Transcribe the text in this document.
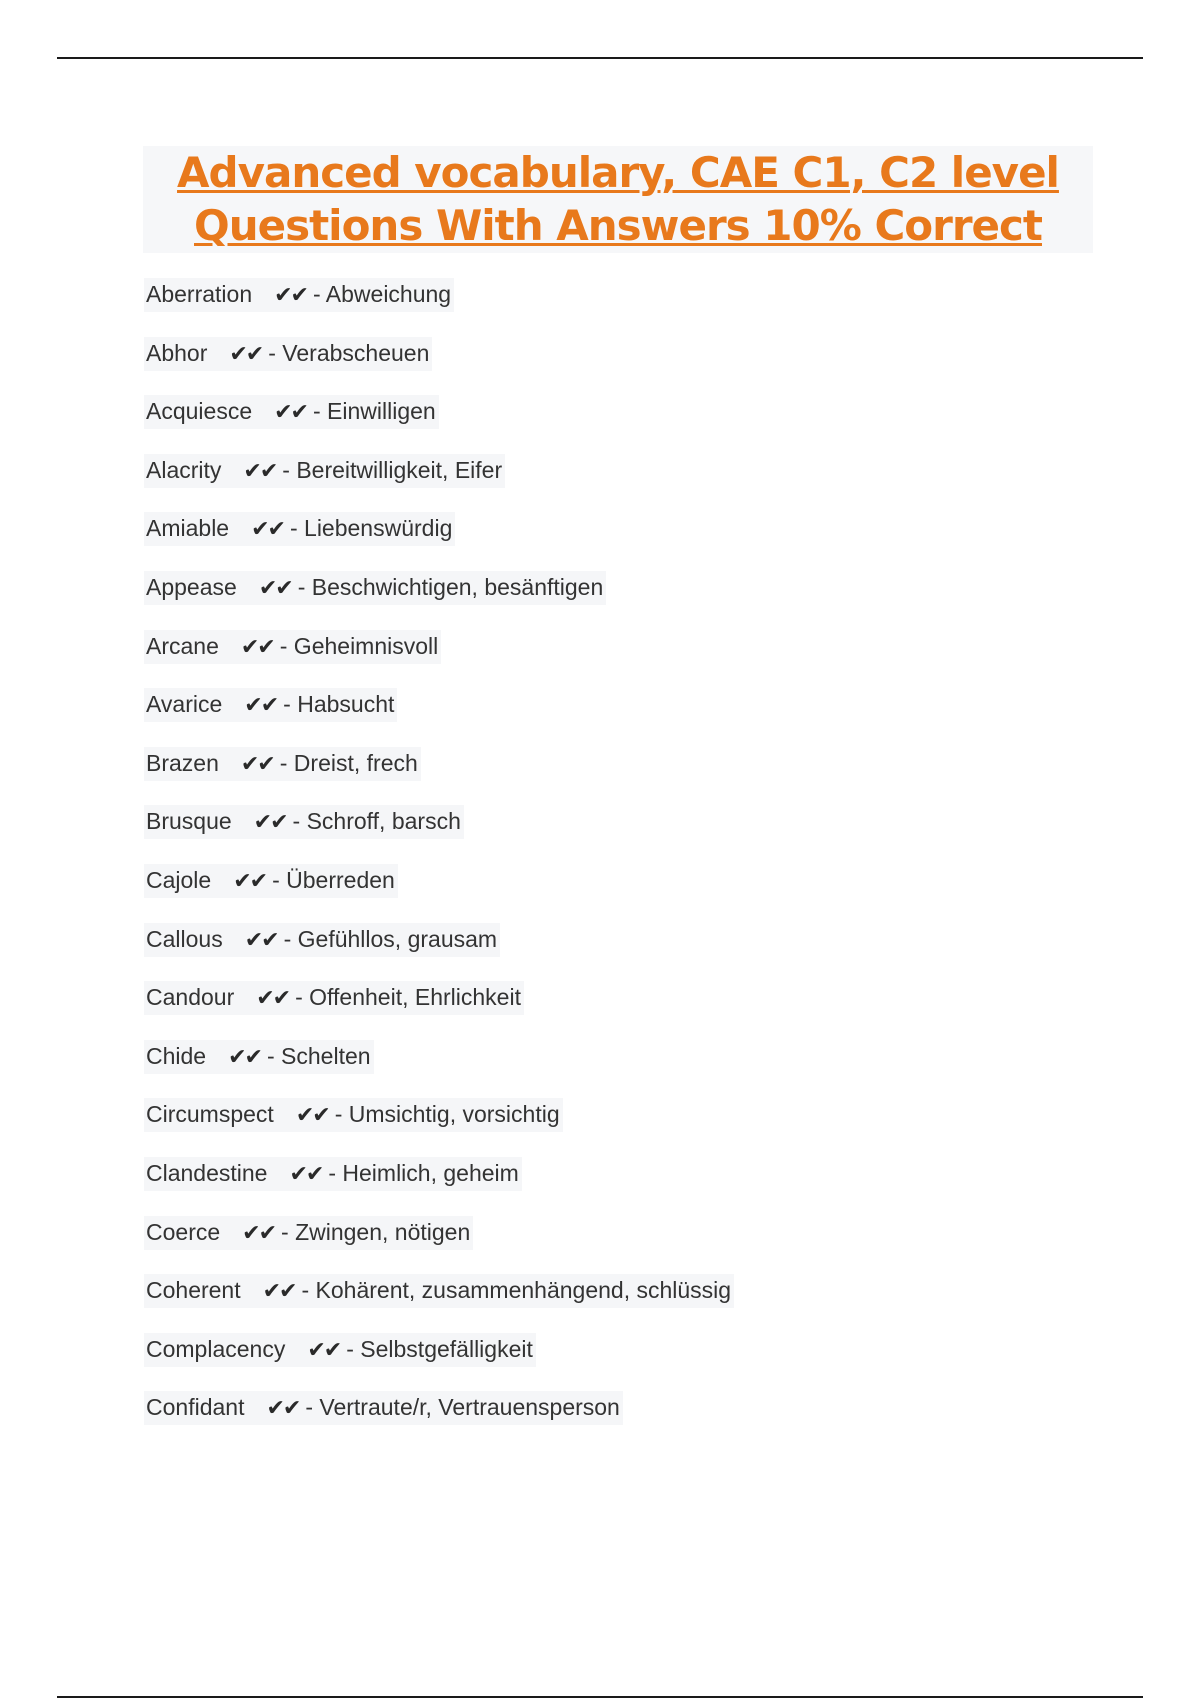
Advanced vocabulary, CAE C1, C2 level
Questions With Answers 10% Correct
Aberration ✔✔ - Abweichung
Abhor ✔✔ - Verabscheuen
Acquiesce ✔✔ - Einwilligen
Alacrity ✔✔ - Bereitwilligkeit, Eifer
Amiable ✔✔ - Liebenswürdig
Appease ✔✔ - Beschwichtigen, besänftigen
Arcane ✔✔ - Geheimnisvoll
Avarice ✔✔ - Habsucht
Brazen ✔✔ - Dreist, frech
Brusque ✔✔ - Schroff, barsch
Cajole ✔✔ - Überreden
Callous ✔✔ - Gefühllos, grausam
Candour ✔✔ - Offenheit, Ehrlichkeit
Chide ✔✔ - Schelten
Circumspect ✔✔ - Umsichtig, vorsichtig
Clandestine ✔✔ - Heimlich, geheim
Coerce ✔✔ - Zwingen, nötigen
Coherent ✔✔ - Kohärent, zusammenhängend, schlüssig
Complacency ✔✔ - Selbstgefälligkeit
Confidant ✔✔ - Vertraute/r, Vertrauensperson
